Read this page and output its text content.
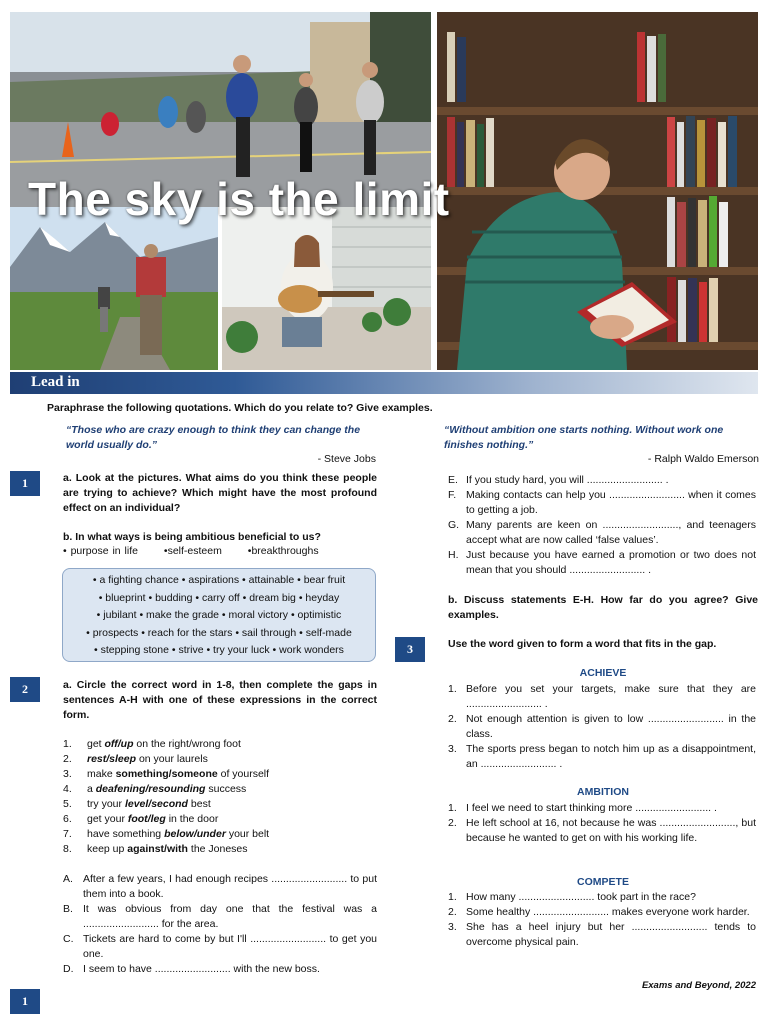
The sky is the limit
Lead in
Paraphrase the following quotations. Which do you relate to? Give examples.
“Those who are crazy enough to think they can change the world usually do.”
- Steve Jobs
“Without ambition one starts nothing. Without work one finishes nothing.”
- Ralph Waldo Emerson
1
2
3
1
a. Look at the pictures. What aims do you think these people are trying to achieve? Which might have the most profound effect on an individual?
b. In what ways is being ambitious beneficial to us?
• purpose in life •self-esteem •breakthroughs
• a fighting chance • aspirations • attainable • bear fruit
• blueprint • budding • carry off • dream big • heyday
• jubilant • make the grade • moral victory • optimistic
• prospects • reach for the stars • sail through • self-made
• stepping stone • strive • try your luck • work wonders
a. Circle the correct word in 1-8, then complete the gaps in sentences A-H with one of these expressions in the correct form.
1. get off/up on the right/wrong foot
2. rest/sleep on your laurels
3. make something/someone of yourself
4. a deafening/resounding success
5. try your level/second best
6. get your foot/leg in the door
7. have something below/under your belt
8. keep up against/with the Joneses
A. After a few years, I had enough recipes .......................... to put them into a book.
B. It was obvious from day one that the festival was a .......................... for the area.
C. Tickets are hard to come by but I'll .......................... to get you one.
D. I seem to have .......................... with the new boss.
E. If you study hard, you will .......................... .
F. Making contacts can help you .......................... when it comes to getting a job.
G. Many parents are keen on .........................., and teenagers accept what are now called ‘false values’.
H. Just because you have earned a promotion or two does not mean that you should .......................... .
b. Discuss statements E-H. How far do you agree? Give examples.
Use the word given to form a word that fits in the gap.
ACHIEVE
1. Before you set your targets, make sure that they are .......................... .
2. Not enough attention is given to low .......................... in the class.
3. The sports press began to notch him up as a disappointment, an .......................... .
AMBITION
1. I feel we need to start thinking more .......................... .
2. He left school at 16, not because he was .........................., but because he wanted to get on with his working life.
COMPETE
1. How many .......................... took part in the race?
2. Some healthy .......................... makes everyone work harder.
3. She has a heel injury but her .......................... tends to overcome physical pain.
Exams and Beyond, 2022
